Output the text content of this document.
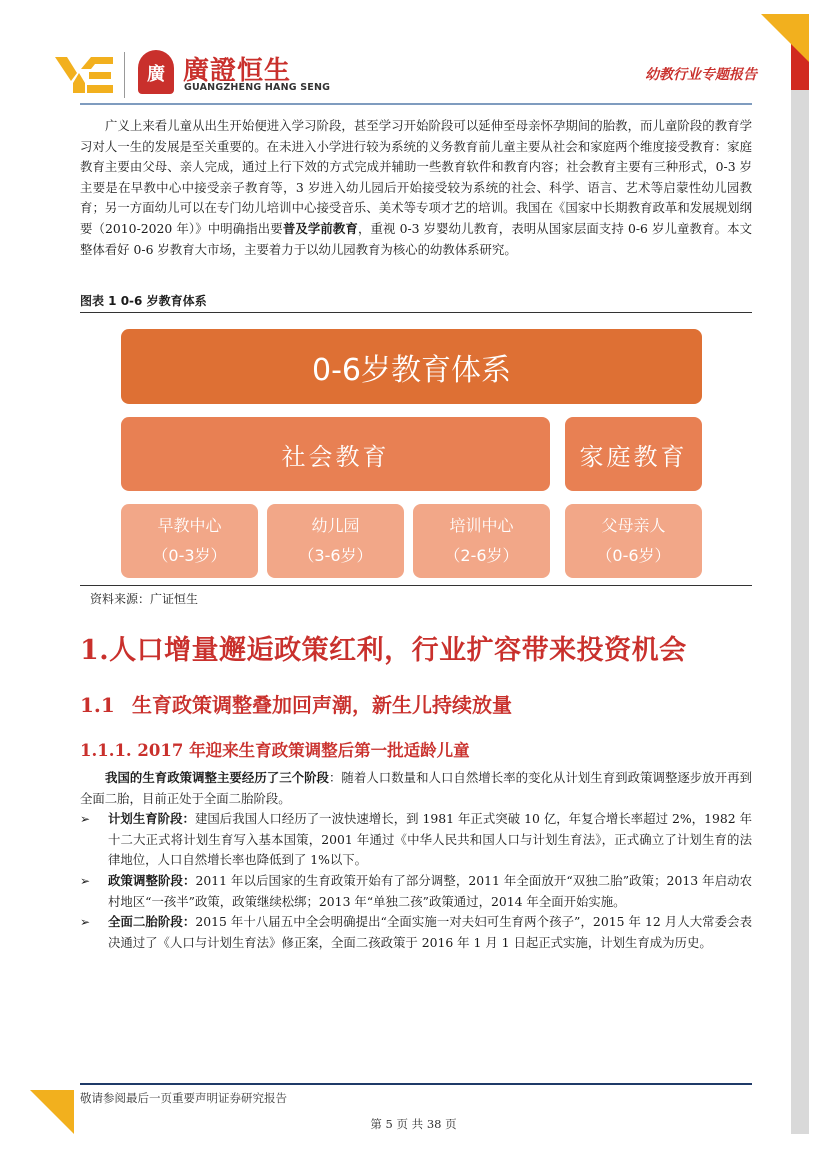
廣 廣證恒生
GUANGZHENG HANG SENG
幼教行业专题报告

广义上来看儿童从出生开始便进入学习阶段，甚至学习开始阶段可以延伸至母亲怀孕期间的胎教，而儿童阶段的教育学习对人一生的发展是至关重要的。在未进入小学进行较为系统的义务教育前儿童主要从社会和家庭两个维度接受教育：家庭教育主要由父母、亲人完成，通过上行下效的方式完成并辅助一些教育软件和教育内容；社会教育主要有三种形式，0-3 岁主要是在早教中心中接受亲子教育等，3 岁进入幼儿园后开始接受较为系统的社会、科学、语言、艺术等启蒙性幼儿园教育；另一方面幼儿可以在专门幼儿培训中心接受音乐、美术等专项才艺的培训。我国在《国家中长期教育政革和发展规划纲要（2010-2020 年）》中明确指出要普及学前教育，重视 0-3 岁婴幼儿教育，表明从国家层面支持 0-6 岁儿童教育。本文整体看好 0-6 岁教育大市场，主要着力于以幼儿园教育为核心的幼教体系研究。

图表 1 0-6 岁教育体系
0-6岁教育体系
社会教育	家庭教育
早教中心
（0-3岁）
幼儿园
（3-6岁）
培训中心
（2-6岁）
父母亲人
（0-6岁）
资料来源：广证恒生
1.人口增量邂逅政策红利，行业扩容带来投资机会
1.1 生育政策调整叠加回声潮，新生儿持续放量
1.1.1. 2017 年迎来生育政策调整后第一批适龄儿童

我国的生育政策调整主要经历了三个阶段：随着人口数量和人口自然增长率的变化从计划生育到政策调整逐步放开再到全面二胎，目前正处于全面二胎阶段。

➢ 计划生育阶段：建国后我国人口经历了一波快速增长，到 1981 年正式突破 10 亿，年复合增长率超过 2%，1982 年十二大正式将计划生育写入基本国策，2001 年通过《中华人民共和国人口与计划生育法》，正式确立了计划生育的法律地位，人口自然增长率也降低到了 1%以下。
➢ 政策调整阶段：2011 年以后国家的生育政策开始有了部分调整，2011 年全面放开“双独二胎”政策；2013 年启动农村地区“一孩半”政策，政策继续松绑；2013 年“单独二孩”政策通过，2014 年全面开始实施。
➢ 全面二胎阶段：2015 年十八届五中全会明确提出“全面实施一对夫妇可生育两个孩子”，2015 年 12 月人大常委会表决通过了《人口与计划生育法》修正案，全面二孩政策于 2016 年 1 月 1 日起正式实施，计划生育成为历史。
敬请参阅最后一页重要声明证券研究报告
第 5 页 共 38 页
